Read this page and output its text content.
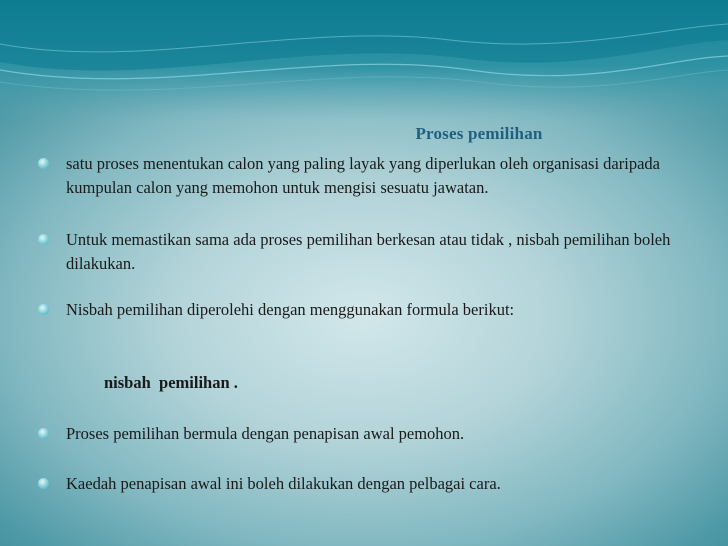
Proses pemilihan
satu proses menentukan calon yang paling layak yang diperlukan oleh organisasi daripada kumpulan calon yang memohon untuk mengisi sesuatu jawatan.
Untuk memastikan sama ada proses pemilihan berkesan atau tidak , nisbah pemilihan boleh dilakukan.
Nisbah pemilihan diperolehi dengan menggunakan formula berikut:
nisbah  pemilihan .
Proses pemilihan bermula dengan penapisan awal pemohon.
Kaedah penapisan awal ini boleh dilakukan dengan pelbagai cara.
